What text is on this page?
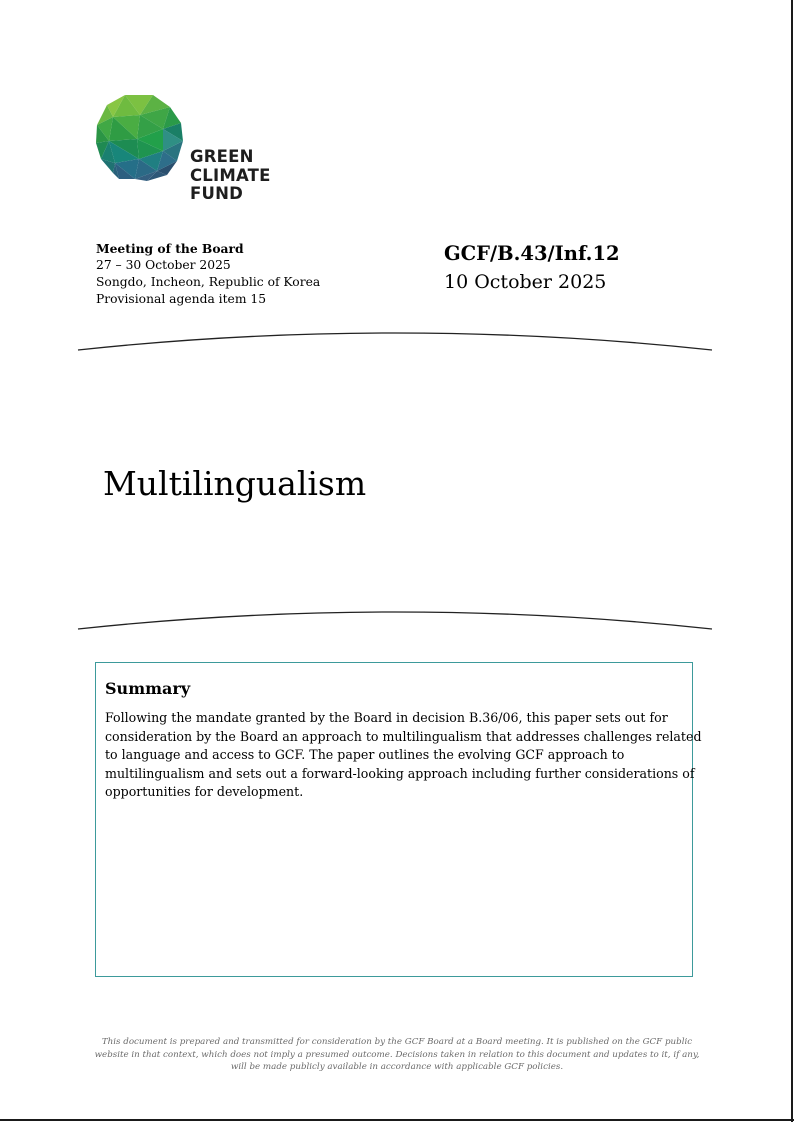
GREEN
CLIMATE
FUND
Meeting of the Board
27 – 30 October 2025
Songdo, Incheon, Republic of Korea
Provisional agenda item 15
GCF/B.43/Inf.12
10 October 2025
Multilingualism
Summary
Following the mandate granted by the Board in decision B.36/06, this paper sets out for
consideration by the Board an approach to multilingualism that addresses challenges related
to language and access to GCF. The paper outlines the evolving GCF approach to
multilingualism and sets out a forward-looking approach including further considerations of
opportunities for development.
This document is prepared and transmitted for consideration by the GCF Board at a Board meeting. It is published on the GCF public
website in that context, which does not imply a presumed outcome. Decisions taken in relation to this document and updates to it, if any,
will be made publicly available in accordance with applicable GCF policies.
